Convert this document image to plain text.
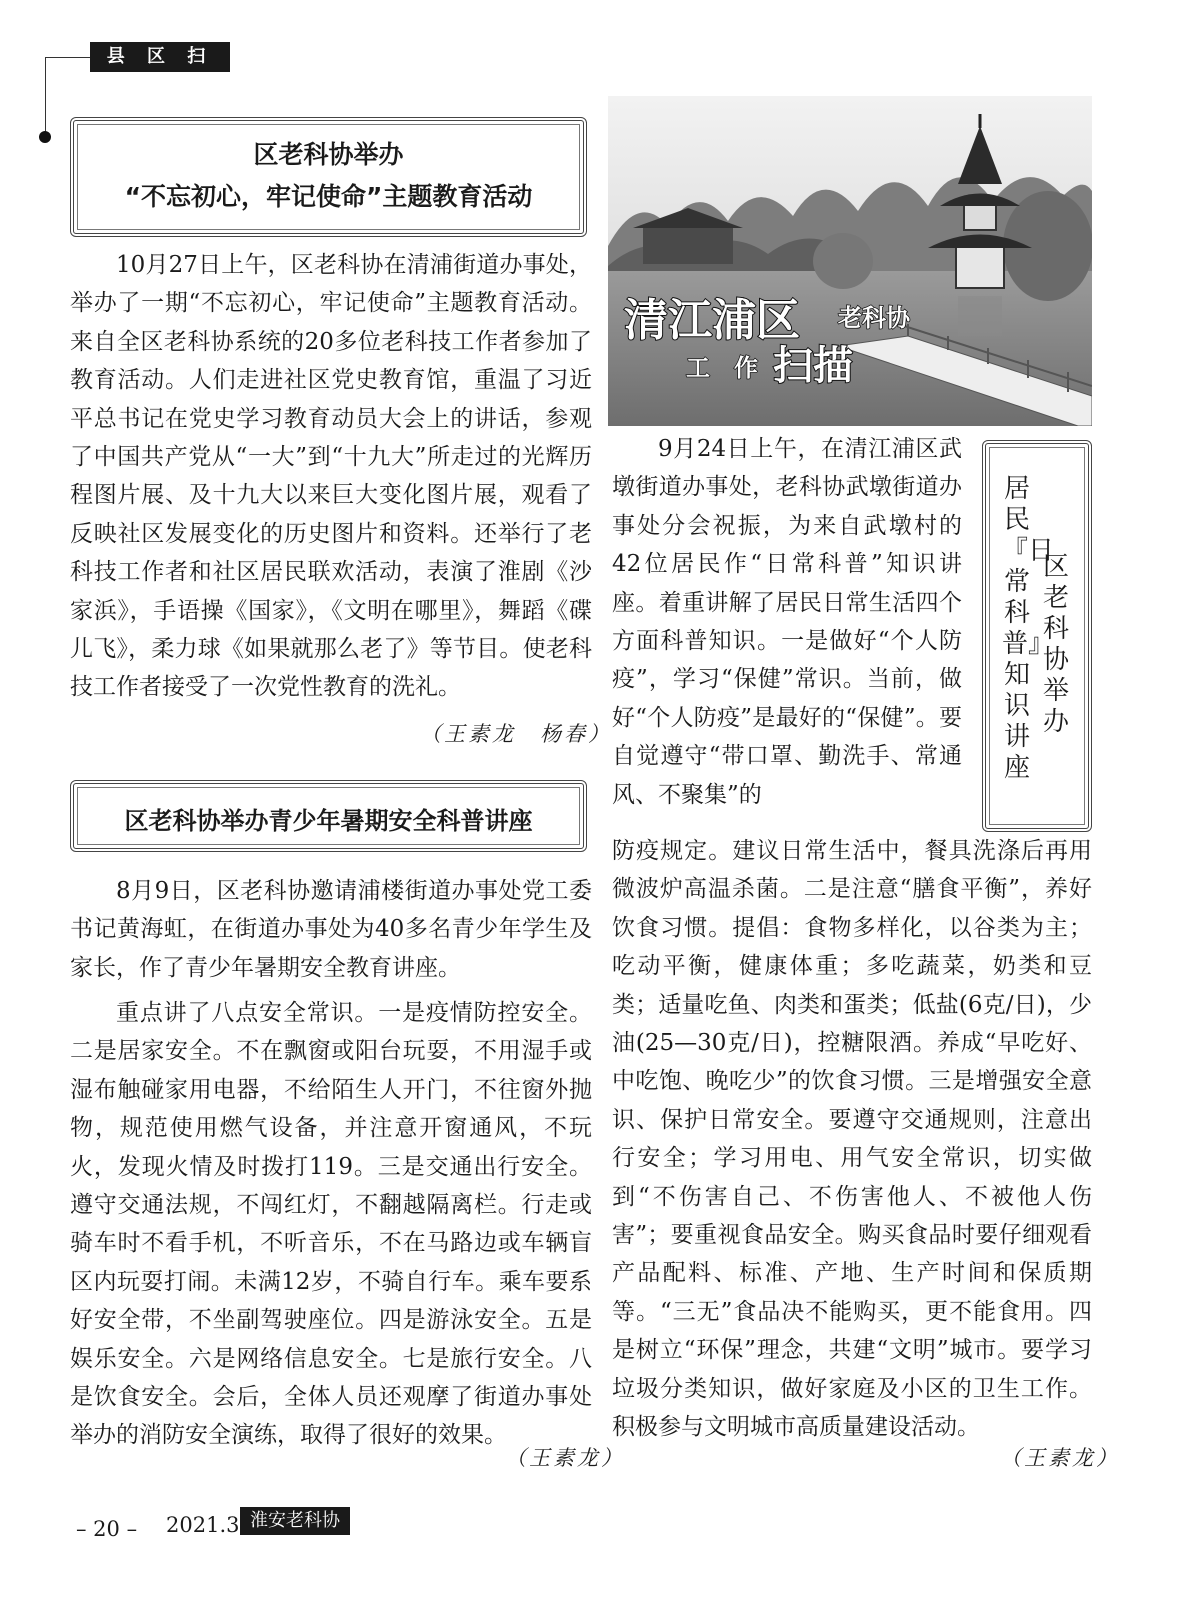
县 区 扫 描
区老科协举办
“不忘初心，牢记使命”主题教育活动

10月27日上午，区老科协在清浦街道办事处，举办了一期“不忘初心，牢记使命”主题教育活动。来自全区老科协系统的20多位老科技工作者参加了教育活动。人们走进社区党史教育馆，重温了习近平总书记在党史学习教育动员大会上的讲话，参观了中国共产党从“一大”到“十九大”所走过的光辉历程图片展、及十九大以来巨大变化图片展，观看了反映社区发展变化的历史图片和资料。还举行了老科技工作者和社区居民联欢活动，表演了淮剧《沙家浜》，手语操《国家》，《文明在哪里》，舞蹈《碟儿飞》，柔力球《如果就那么老了》等节目。使老科技工作者接受了一次党性教育的洗礼。

（王素龙　杨春）
区老科协举办青少年暑期安全科普讲座

8月9日，区老科协邀请浦楼街道办事处党工委书记黄海虹，在街道办事处为40多名青少年学生及家长，作了青少年暑期安全教育讲座。

重点讲了八点安全常识。一是疫情防控安全。二是居家安全。不在飘窗或阳台玩耍，不用湿手或湿布触碰家用电器，不给陌生人开门，不往窗外抛物，规范使用燃气设备，并注意开窗通风，不玩火，发现火情及时拨打119。三是交通出行安全。遵守交通法规，不闯红灯，不翻越隔离栏。行走或骑车时不看手机，不听音乐，不在马路边或车辆盲区内玩耍打闹。未满12岁，不骑自行车。乘车要系好安全带，不坐副驾驶座位。四是游泳安全。五是娱乐安全。六是网络信息安全。七是旅行安全。八是饮食安全。会后，全体人员还观摩了街道办事处举办的消防安全演练，取得了很好的效果。

（王素龙）
清江浦区 老科协
工　作 扫描

9月24日上午，在清江浦区武墩街道办事处，老科协武墩街道办事处分会祝振，为来自武墩村的42位居民作“日常科普”知识讲座。着重讲解了居民日常生活四个方面科普知识。一是做好“个人防疫”，学习“保健”常识。当前，做好“个人防疫”是最好的“保健”。要自觉遵守“带口罩、勤洗手、常通风、不聚集”的

区老科协举办
居民『日常科普』知识讲座

防疫规定。建议日常生活中，餐具洗涤后再用微波炉高温杀菌。二是注意“膳食平衡”，养好饮食习惯。提倡：食物多样化，以谷类为主；吃动平衡，健康体重；多吃蔬菜，奶类和豆类；适量吃鱼、肉类和蛋类；低盐(6克/日)，少油(25—30克/日)，控糖限酒。养成“早吃好、中吃饱、晚吃少”的饮食习惯。三是增强安全意识、保护日常安全。要遵守交通规则，注意出行安全；学习用电、用气安全常识，切实做到“不伤害自己、不伤害他人、不被他人伤害”；要重视食品安全。购买食品时要仔细观看产品配料、标准、产地、生产时间和保质期等。“三无”食品决不能购买，更不能食用。四是树立“环保”理念，共建“文明”城市。要学习垃圾分类知识，做好家庭及小区的卫生工作。积极参与文明城市高质量建设活动。

（王素龙）
– 20 – 2021.3 淮安老科协
